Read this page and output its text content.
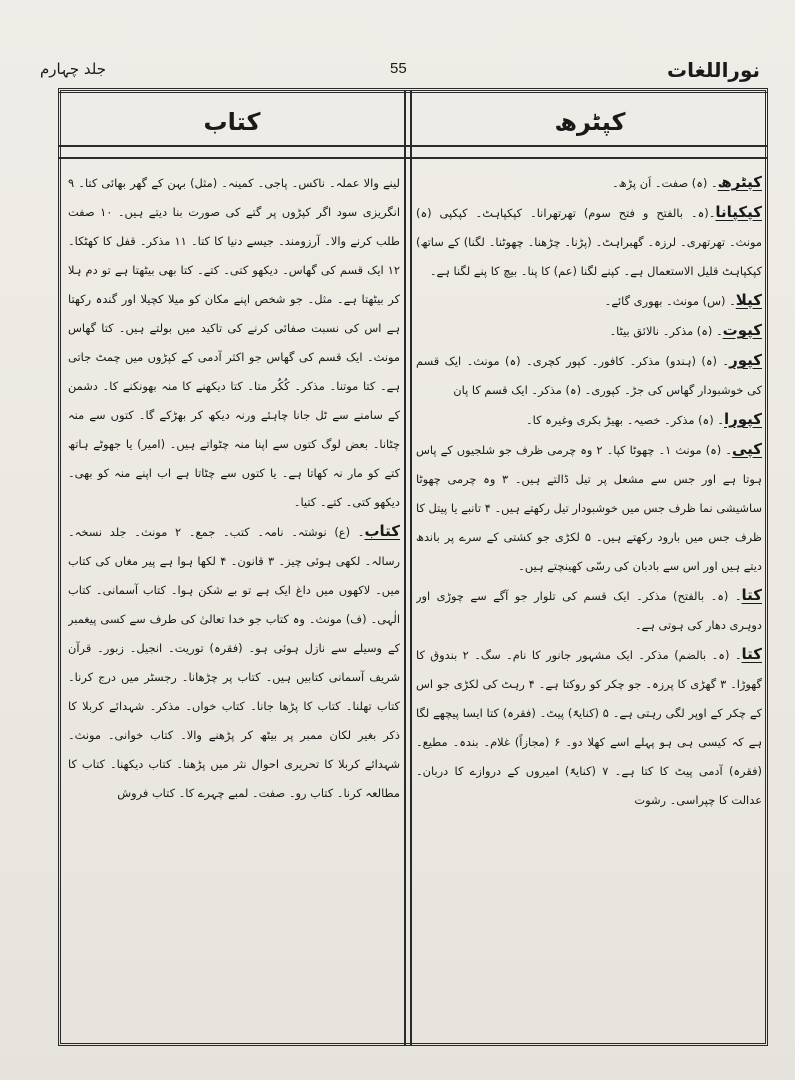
نوراللغات
55
جلد چہارم
کپٹرھ
کتاب

کپٹرھ۔ (ہ) صفت۔ اَن پڑھ۔

کپکپانا۔(ہ۔ بالفتح و فتح سوم) تھرتھرانا۔ کپکپاہٹ۔ کپکپی (ہ) مونث۔ تھرتھری۔ لرزہ۔ گھبراہٹ۔ (پڑنا۔ چڑھنا۔ چھوٹنا۔ لگنا) کے ساتھ) کپکپاہٹ قلیل الاستعمال ہے۔ کپنے لگنا (عم) کا پنا۔ بیچ کا پنے لگنا ہے۔

کپلا۔ (س) مونث۔ بھوری گائے۔

کپوت۔ (ہ) مذکر۔ نالائق بیٹا۔

کپور۔ (ہ) (ہندو) مذکر۔ کافور۔ کپور کچری۔ (ہ) مونث۔ ایک قسم کی خوشبودار گھاس کی جڑ۔ کپوری۔ (ہ) مذکر۔ ایک قسم کا پان

کپورا۔ (ہ) مذکر۔ خصیہ۔ بھیڑ بکری وغیرہ کا۔

کپی۔ (ہ) مونث ۱۔ چھوٹا کپا۔ ۲ وہ چرمی ظرف جو شلجیوں کے پاس ہوتا ہے اور جس سے مشعل پر تیل ڈالتے ہیں۔ ۳ وہ چرمی چھوٹا ساشیشی نما ظرف جس میں خوشبودار تیل رکھتے ہیں۔ ۴ تانبے یا پیتل کا ظرف جس میں بارود رکھتے ہیں۔ ۵ لکڑی جو کشتی کے سرے پر باندھ دیتے ہیں اور اس سے بادبان کی رسّی کھینچتے ہیں۔

کتا۔ (ہ۔ بالفتح) مذکر۔ ایک قسم کی تلوار جو آگے سے چوڑی اور دوہری دھار کی ہوتی ہے۔

کتا۔ (ہ۔ بالضم) مذکر۔ ایک مشہور جانور کا نام۔ سگ۔ ۲ بندوق کا گھوڑا۔ ۳ گھڑی کا پرزہ۔ جو چکر کو روکتا ہے۔ ۴ رہٹ کی لکڑی جو اس کے چکر کے اوپر لگی رہتی ہے۔ ۵ (کنایۃً) پیٹ۔ (فقرہ) کتا ایسا پیچھے لگا ہے کہ کیسی ہی ہو پہلے اسے کھلا دو۔ ۶ (مجازاً) غلام۔ بندہ۔ مطیع۔ (فقرہ) آدمی پیٹ کا کتا ہے۔ ۷ (کنایۃً) امیروں کے دروازے کا دربان۔ عدالت کا چپراسی۔ رشوت

لینے والا عملہ۔ ناکس۔ پاجی۔ کمینہ۔ (مثل) بہن کے گھر بھائی کتا۔ ۹ انگریزی سود اگر کپڑوں پر گتے کی صورت بنا دیتے ہیں۔ ۱۰ صفت طلب کرنے والا۔ آرزومند۔ جیسے دنیا کا کتا۔ ۱۱ مذکر۔ قفل کا کھٹکا۔ ۱۲ ایک قسم کی گھاس۔ دیکھو کتی۔ کتے۔ کتا بھی بیٹھتا ہے تو دم ہلا کر بیٹھتا ہے۔ مثل۔ جو شخص اپنے مکان کو میلا کچیلا اور گندہ رکھتا ہے اس کی نسبت صفائی کرنے کی تاکید میں بولتے ہیں۔ کتا گھاس مونث۔ ایک قسم کی گھاس جو اکثر آدمی کے کپڑوں میں چمٹ جاتی ہے۔ کتا موتنا۔ مذکر۔ کُکُر متا۔ کتا دیکھنے کا منہ بھونکنے کا۔ دشمن کے سامنے سے ٹل جانا چاہئے ورنہ دیکھ کر بھڑکے گا۔ کتوں سے منہ چٹانا۔ بعض لوگ کتوں سے اپنا منہ چٹواتے ہیں۔ (امیر) یا جھوٹے ہاتھ کتے کو مار نہ کھاتا ہے۔ یا کتوں سے چٹاتا ہے اب اپنے منہ کو بھی۔ دیکھو کتی۔ کتے۔ کتیا۔

کتاب۔ (ع) نوشتہ۔ نامہ۔ کتب۔ جمع۔ ۲ مونث۔ جلد نسخہ۔ رسالہ۔ لکھی ہوئی چیز۔ ۳ قانون۔ ۴ لکھا ہوا ہے پیر مغاں کی کتاب میں۔ لاکھوں میں داغ ایک ہے تو بے شکن ہوا۔ کتاب آسمانی۔ کتاب الٰہی۔ (ف) مونث۔ وہ کتاب جو خدا تعالیٰ کی طرف سے کسی پیغمبر کے وسیلے سے نازل ہوئی ہو۔ (فقرہ) توریت۔ انجیل۔ زبور۔ قرآن شریف آسمانی کتابیں ہیں۔ کتاب پر چڑھانا۔ رجسٹر میں درج کرنا۔ کتاب تھلنا۔ کتاب کا پڑھا جانا۔ کتاب خواں۔ مذکر۔ شہدائے کربلا کا ذکر بغیر لکان ممبر پر بیٹھ کر پڑھنے والا۔ کتاب خوانی۔ مونث۔ شہدائے کربلا کا تحریری احوال نثر میں پڑھنا۔ کتاب دیکھنا۔ کتاب کا مطالعہ کرنا۔ کتاب رو۔ صفت۔ لمبے چہرے کا۔ کتاب فروش
